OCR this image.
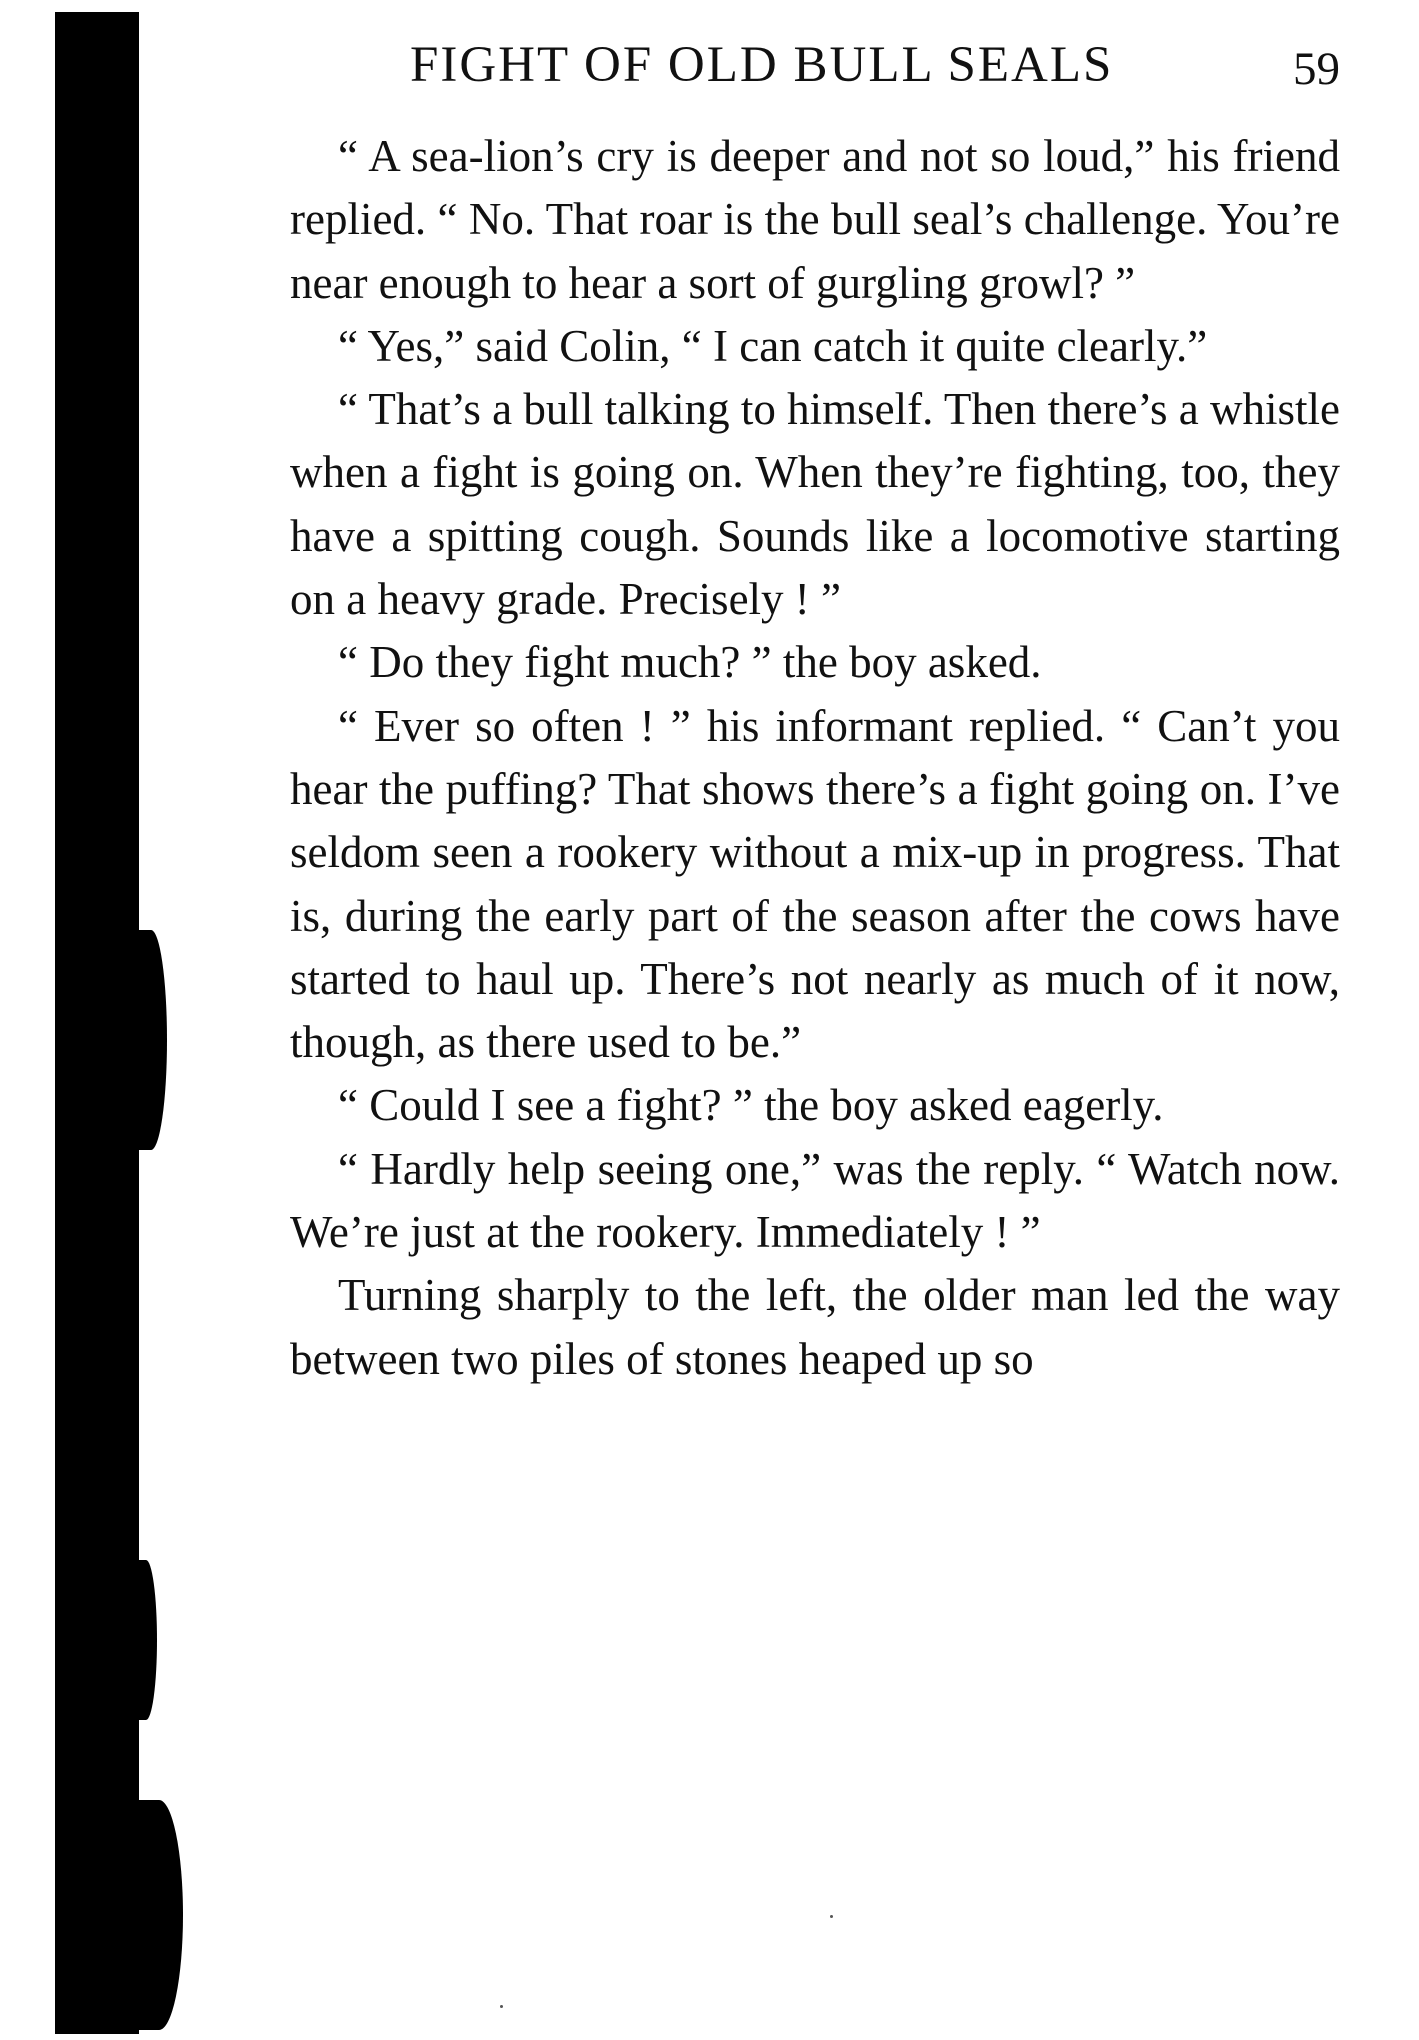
FIGHT OF OLD BULL SEALS	59

“ A sea-lion’s cry is deeper and not so loud,” his friend replied. “ No. That roar is the bull seal’s challenge. You’re near enough to hear a sort of gurgling growl? ”

“ Yes,” said Colin, “ I can catch it quite clearly.”

“ That’s a bull talking to himself. Then there’s a whistle when a fight is going on. When they’re fighting, too, they have a spitting cough. Sounds like a locomotive starting on a heavy grade. Precisely ! ”

“ Do they fight much? ” the boy asked.

“ Ever so often ! ” his informant replied. “ Can’t you hear the puffing? That shows there’s a fight going on. I’ve seldom seen a rookery without a mix-up in progress. That is, during the early part of the season after the cows have started to haul up. There’s not nearly as much of it now, though, as there used to be.”

“ Could I see a fight? ” the boy asked eagerly.

“ Hardly help seeing one,” was the reply. “ Watch now. We’re just at the rookery. Immediately ! ”

Turning sharply to the left, the older man led the way between two piles of stones heaped up so
